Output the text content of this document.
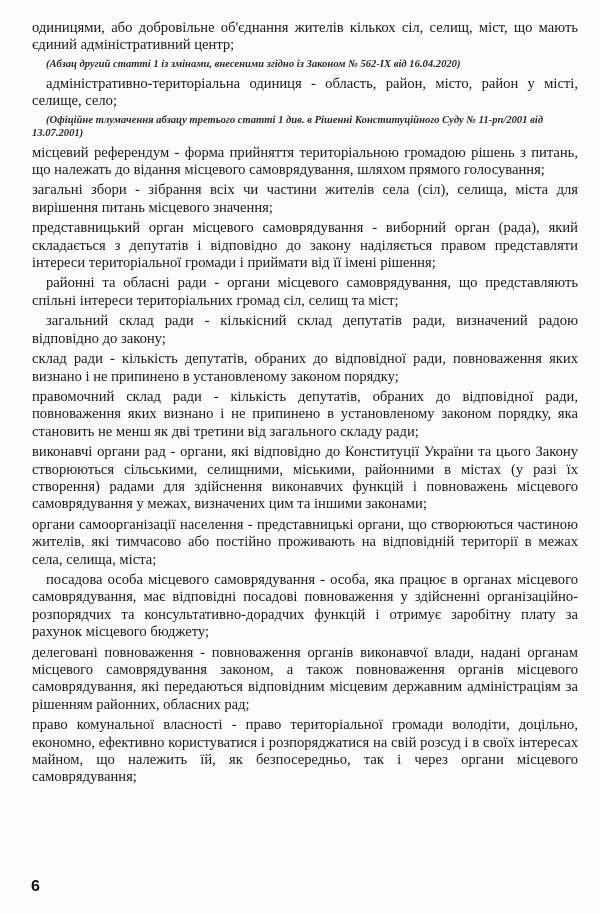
одиницями, або добровільне об'єднання жителів кількох сіл, селищ, міст, що мають єдиний адміністративний центр;

(Абзац другий статті 1 із змінами, внесеними згідно із Законом № 562-IX від 16.04.2020)

адміністративно-територіальна одиниця - область, район, місто, район у місті, селище, село;

(Офіційне тлумачення абзацу третього статті 1 див. в Рішенні Конституційного Суду № 11-рп/2001 від 13.07.2001)

місцевий референдум - форма прийняття територіальною громадою рішень з питань, що належать до відання місцевого самоврядування, шляхом прямого голосування;

загальні збори - зібрання всіх чи частини жителів села (сіл), селища, міста для вирішення питань місцевого значення;

представницький орган місцевого самоврядування - виборний орган (рада), який складається з депутатів і відповідно до закону наділяється правом представляти інтереси територіальної громади і приймати від її імені рішення;

районні та обласні ради - органи місцевого самоврядування, що представляють спільні інтереси територіальних громад сіл, селищ та міст;

загальний склад ради - кількісний склад депутатів ради, визначений радою відповідно до закону;

склад ради - кількість депутатів, обраних до відповідної ради, повноваження яких визнано і не припинено в установленому законом порядку;

правомочний склад ради - кількість депутатів, обраних до відповідної ради, повноваження яких визнано і не припинено в установленому законом порядку, яка становить не менш як дві третини від загального складу ради;

виконавчі органи рад - органи, які відповідно до Конституції України та цього Закону створюються сільськими, селищними, міськими, районними в містах (у разі їх створення) радами для здійснення виконавчих функцій і повноважень місцевого самоврядування у межах, визначених цим та іншими законами;

органи самоорганізації населення - представницькі органи, що створюються частиною жителів, які тимчасово або постійно проживають на відповідній території в межах села, селища, міста;

посадова особа місцевого самоврядування - особа, яка працює в органах місцевого самоврядування, має відповідні посадові повноваження у здійсненні організаційно-розпорядчих та консультативно-дорадчих функцій і отримує заробітну плату за рахунок місцевого бюджету;

делеговані повноваження - повноваження органів виконавчої влади, надані органам місцевого самоврядування законом, а також повноваження органів місцевого самоврядування, які передаються відповідним місцевим державним адміністраціям за рішенням районних, обласних рад;

право комунальної власності - право територіальної громади володіти, доцільно, економно, ефективно користуватися і розпоряджатися на свій розсуд і в своїх інтересах майном, що належить їй, як безпосередньо, так і через органи місцевого самоврядування;

6
